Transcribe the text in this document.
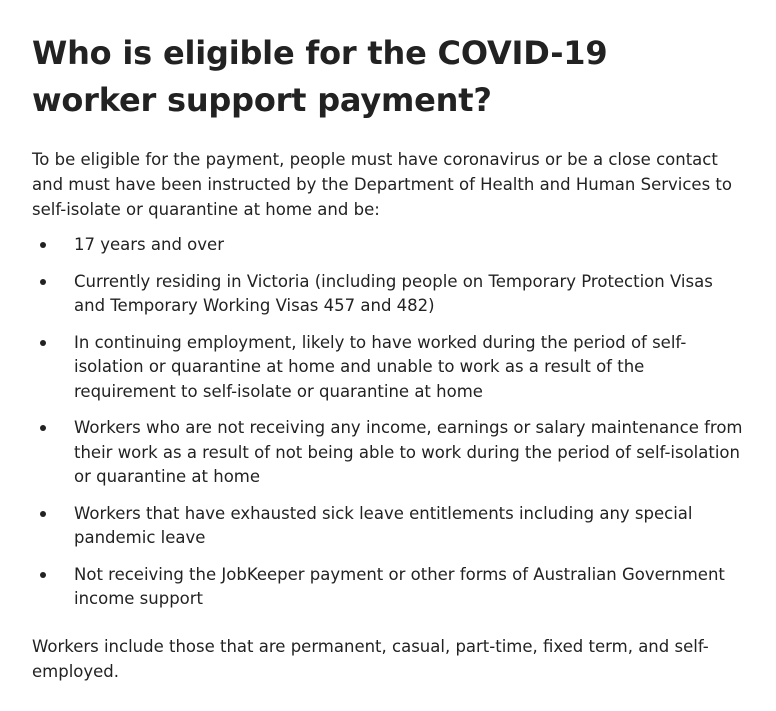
Who is eligible for the COVID-19 worker support payment?

To be eligible for the payment, people must have coronavirus or be a close contact and must have been instructed by the Department of Health and Human Services to self-isolate or quarantine at home and be:

17 years and over
Currently residing in Victoria (including people on Temporary Protection Visas and Temporary Working Visas 457 and 482)
In continuing employment, likely to have worked during the period of self-isolation or quarantine at home and unable to work as a result of the requirement to self-isolate or quarantine at home
Workers who are not receiving any income, earnings or salary maintenance from their work as a result of not being able to work during the period of self-isolation or quarantine at home
Workers that have exhausted sick leave entitlements including any special pandemic leave
Not receiving the JobKeeper payment or other forms of Australian Government income support

Workers include those that are permanent, casual, part-time, fixed term, and self-employed.
